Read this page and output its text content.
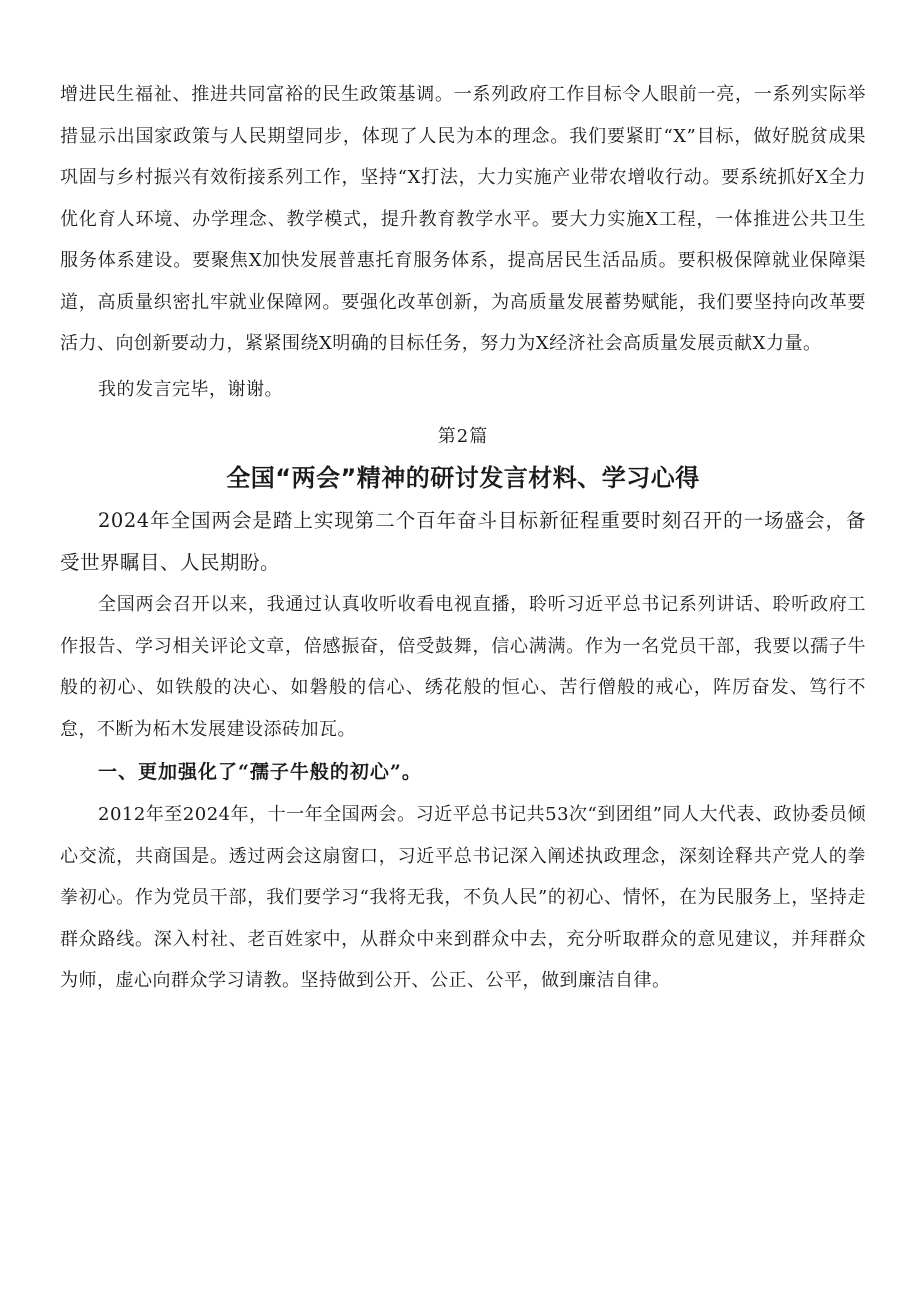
增进民生福祉、推进共同富裕的民生政策基调。一系列政府工作目标令人眼前一亮，一系列实际举措显示出国家政策与人民期望同步，体现了人民为本的理念。我们要紧盯“X”目标，做好脱贫成果巩固与乡村振兴有效衔接系列工作，坚持“X打法，大力实施产业带农增收行动。要系统抓好X全力优化育人环境、办学理念、教学模式，提升教育教学水平。要大力实施X工程，一体推进公共卫生服务体系建设。要聚焦X加快发展普惠托育服务体系，提高居民生活品质。要积极保障就业保障渠道，高质量织密扎牢就业保障网。要强化改革创新，为高质量发展蓄势赋能，我们要坚持向改革要活力、向创新要动力，紧紧围绕X明确的目标任务，努力为X经济社会高质量发展贡献X力量。

我的发言完毕，谢谢。

第2篇

全国“两会”精神的研讨发言材料、学习心得

2024年全国两会是踏上实现第二个百年奋斗目标新征程重要时刻召开的一场盛会，备受世界瞩目、人民期盼。

全国两会召开以来，我通过认真收听收看电视直播，聆听习近平总书记系列讲话、聆听政府工作报告、学习相关评论文章，倍感振奋，倍受鼓舞，信心满满。作为一名党员干部，我要以孺子牛般的初心、如铁般的决心、如磐般的信心、绣花般的恒心、苦行僧般的戒心，阵厉奋发、笃行不怠，不断为柘木发展建设添砖加瓦。

一、更加强化了“孺子牛般的初心”。

2012年至2024年，十一年全国两会。习近平总书记共53次“到团组”同人大代表、政协委员倾心交流，共商国是。透过两会这扇窗口，习近平总书记深入阐述执政理念，深刻诠释共产党人的拳拳初心。作为党员干部，我们要学习“我将无我，不负人民”的初心、情怀，在为民服务上，坚持走群众路线。深入村社、老百姓家中，从群众中来到群众中去，充分听取群众的意见建议，并拜群众为师，虚心向群众学习请教。坚持做到公开、公正、公平，做到廉洁自律。
